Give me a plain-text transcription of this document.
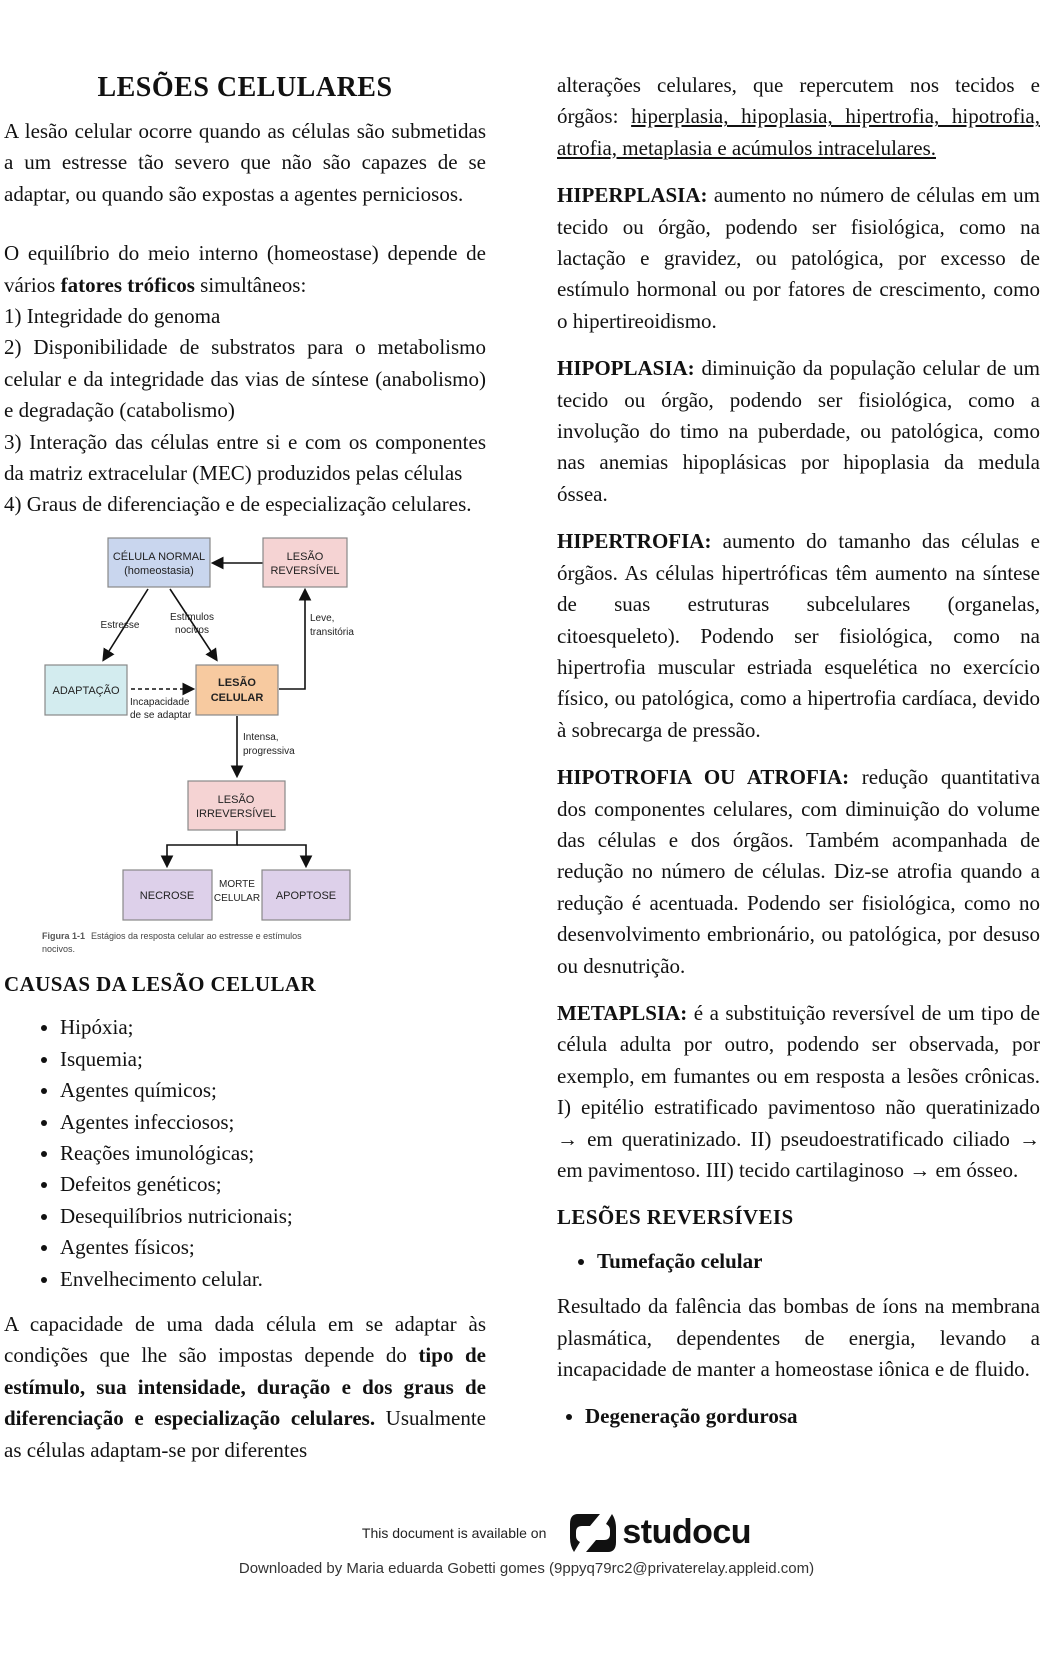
LESÕES CELULARES

A lesão celular ocorre quando as células são submetidas a um estresse tão severo que não são capazes de se adaptar, ou quando são expostas a agentes perniciosos.

O equilíbrio do meio interno (homeostase) depende de vários fatores tróficos simultâneos:

1) Integridade do genoma

2) Disponibilidade de substratos para o metabolismo celular e da integridade das vias de síntese (anabolismo) e degradação (catabolismo)

3) Interação das células entre si e com os componentes da matriz extracelular (MEC) produzidos pelas células

4) Graus de diferenciação e de especialização celulares.

CÉLULA NORMAL
(homeostasia)
LESÃO
REVERSÍVEL
ADAPTAÇÃO
LESÃO
CELULAR
LESÃO
IRREVERSÍVEL
NECROSE	APOPTOSE
Estresse
Estímulos
nocivos
MORTE
CELULAR
Leve,
transitória
Incapacidade
de se adaptar
Intensa,
progressiva
Figura 1-1 Estágios da resposta celular ao estresse e estímulos
nocivos.
CAUSAS DA LESÃO CELULAR
• Hipóxia;
• Isquemia;
• Agentes químicos;
• Agentes infecciosos;
• Reações imunológicas;
• Defeitos genéticos;
• Desequilíbrios nutricionais;
• Agentes físicos;
• Envelhecimento celular.

A capacidade de uma dada célula em se adaptar às condições que lhe são impostas depende do tipo de estímulo, sua intensidade, duração e dos graus de diferenciação e especialização celulares. Usualmente as células adaptam-se por diferentes

alterações celulares, que repercutem nos tecidos e órgãos: hiperplasia, hipoplasia, hipertrofia, hipotrofia, atrofia, metaplasia e acúmulos intracelulares.

HIPERPLASIA: aumento no número de células em um tecido ou órgão, podendo ser fisiológica, como na lactação e gravidez, ou patológica, por excesso de estímulo hormonal ou por fatores de crescimento, como o hipertireoidismo.

HIPOPLASIA: diminuição da população celular de um tecido ou órgão, podendo ser fisiológica, como a involução do timo na puberdade, ou patológica, como nas anemias hipoplásicas por hipoplasia da medula óssea.

HIPERTROFIA: aumento do tamanho das células e órgãos. As células hipertróficas têm aumento na síntese de suas estruturas subcelulares (organelas, citoesqueleto). Podendo ser fisiológica, como na hipertrofia muscular estriada esquelética no exercício físico, ou patológica, como a hipertrofia cardíaca, devido à sobrecarga de pressão.

HIPOTROFIA OU ATROFIA: redução quantitativa dos componentes celulares, com diminuição do volume das células e dos órgãos. Também acompanhada de redução no número de células. Diz-se atrofia quando a redução é acentuada. Podendo ser fisiológica, como no desenvolvimento embrionário, ou patológica, por desuso ou desnutrição.

METAPLSIA: é a substituição reversível de um tipo de célula adulta por outro, podendo ser observada, por exemplo, em fumantes ou em resposta a lesões crônicas. I) epitélio estratificado pavimentoso não queratinizado → em queratinizado. II) pseudoestratificado ciliado → em pavimentoso. III) tecido cartilaginoso → em ósseo.

LESÕES REVERSÍVEIS
• Tumefação celular

Resultado da falência das bombas de íons na membrana plasmática, dependentes de energia, levando a incapacidade de manter a homeostase iônica e de fluido.

• Degeneração gordurosa
This document is available on studocu
Downloaded by Maria eduarda Gobetti gomes (9ppyq79rc2@privaterelay.appleid.com)
